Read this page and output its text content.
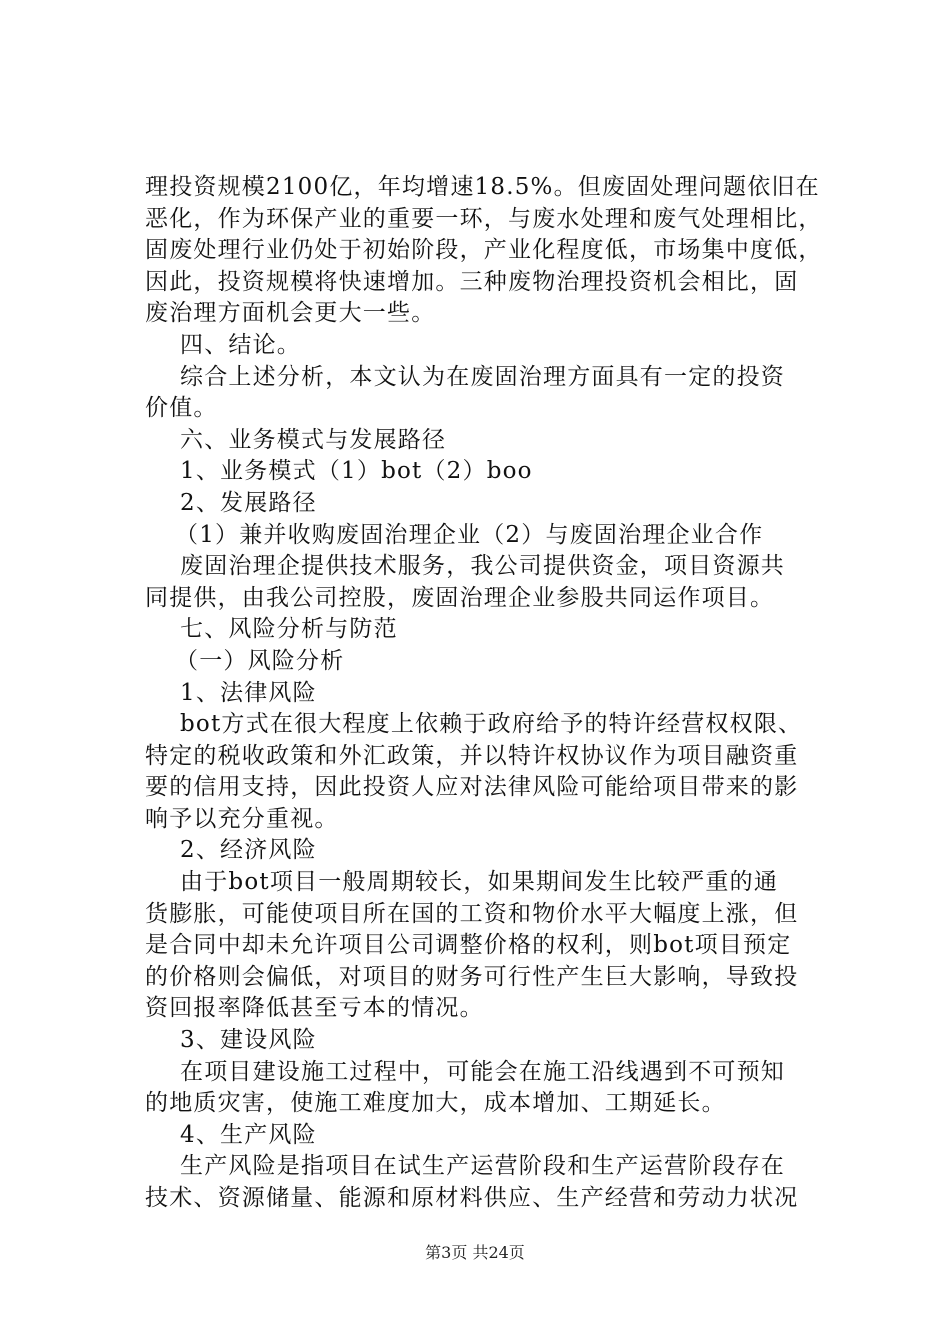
理投资规模2100亿，年均增速18.5%。但废固处理问题依旧在
恶化，作为环保产业的重要一环，与废水处理和废气处理相比，
固废处理行业仍处于初始阶段，产业化程度低，市场集中度低，
因此，投资规模将快速增加。三种废物治理投资机会相比，固
废治理方面机会更大一些。
四、结论。
综合上述分析，本文认为在废固治理方面具有一定的投资
价值。
六、业务模式与发展路径
1、业务模式（1）bot（2）boo
2、发展路径
（1）兼并收购废固治理企业（2）与废固治理企业合作
废固治理企提供技术服务，我公司提供资金，项目资源共
同提供，由我公司控股，废固治理企业参股共同运作项目。
七、风险分析与防范
（一）风险分析
1、法律风险
bot方式在很大程度上依赖于政府给予的特许经营权权限、
特定的税收政策和外汇政策，并以特许权协议作为项目融资重
要的信用支持，因此投资人应对法律风险可能给项目带来的影
响予以充分重视。
2、经济风险
由于bot项目一般周期较长，如果期间发生比较严重的通
货膨胀，可能使项目所在国的工资和物价水平大幅度上涨，但
是合同中却未允许项目公司调整价格的权利，则bot项目预定
的价格则会偏低，对项目的财务可行性产生巨大影响，导致投
资回报率降低甚至亏本的情况。
3、建设风险
在项目建设施工过程中，可能会在施工沿线遇到不可预知
的地质灾害，使施工难度加大，成本增加、工期延长。
4、生产风险
生产风险是指项目在试生产运营阶段和生产运营阶段存在
技术、资源储量、能源和原材料供应、生产经营和劳动力状况
第3页 共24页
